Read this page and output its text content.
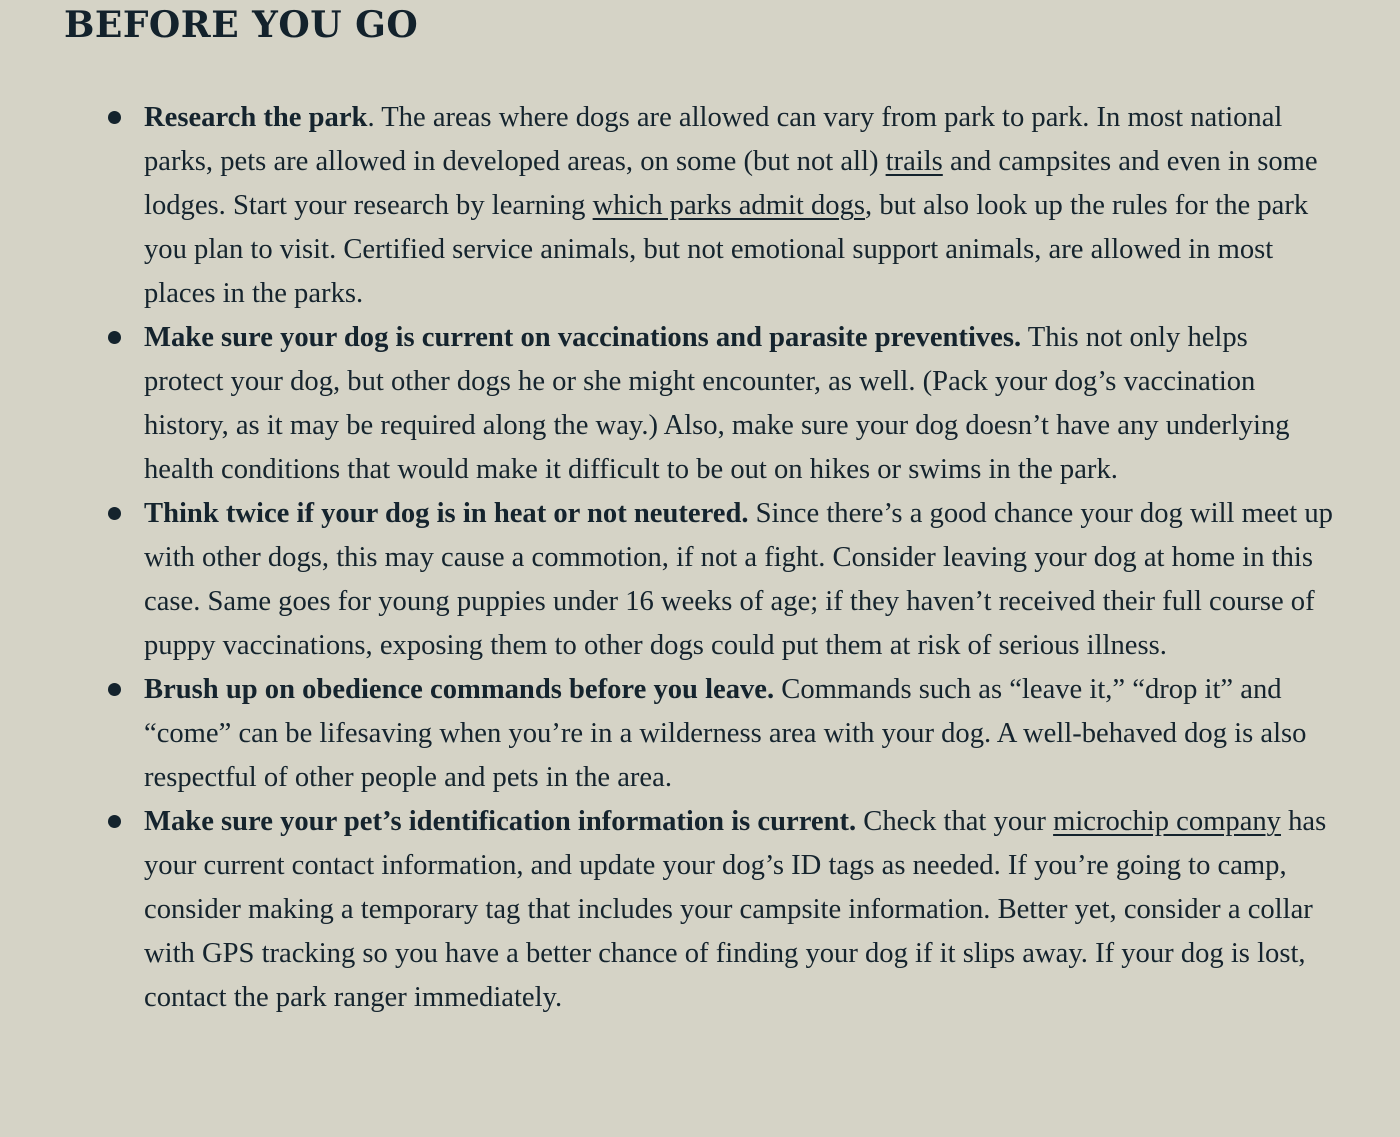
BEFORE YOU GO
Research the park. The areas where dogs are allowed can vary from park to park. In most national parks, pets are allowed in developed areas, on some (but not all) trails and campsites and even in some lodges. Start your research by learning which parks admit dogs, but also look up the rules for the park you plan to visit. Certified service animals, but not emotional support animals, are allowed in most places in the parks.
Make sure your dog is current on vaccinations and parasite preventives. This not only helps protect your dog, but other dogs he or she might encounter, as well. (Pack your dog’s vaccination history, as it may be required along the way.) Also, make sure your dog doesn’t have any underlying health conditions that would make it difficult to be out on hikes or swims in the park.
Think twice if your dog is in heat or not neutered. Since there’s a good chance your dog will meet up with other dogs, this may cause a commotion, if not a fight. Consider leaving your dog at home in this case. Same goes for young puppies under 16 weeks of age; if they haven’t received their full course of puppy vaccinations, exposing them to other dogs could put them at risk of serious illness.
Brush up on obedience commands before you leave. Commands such as “leave it,” “drop it” and “come” can be lifesaving when you’re in a wilderness area with your dog. A well-behaved dog is also respectful of other people and pets in the area.
Make sure your pet’s identification information is current. Check that your microchip company has your current contact information, and update your dog’s ID tags as needed. If you’re going to camp, consider making a temporary tag that includes your campsite information. Better yet, consider a collar with GPS tracking so you have a better chance of finding your dog if it slips away. If your dog is lost, contact the park ranger immediately.
